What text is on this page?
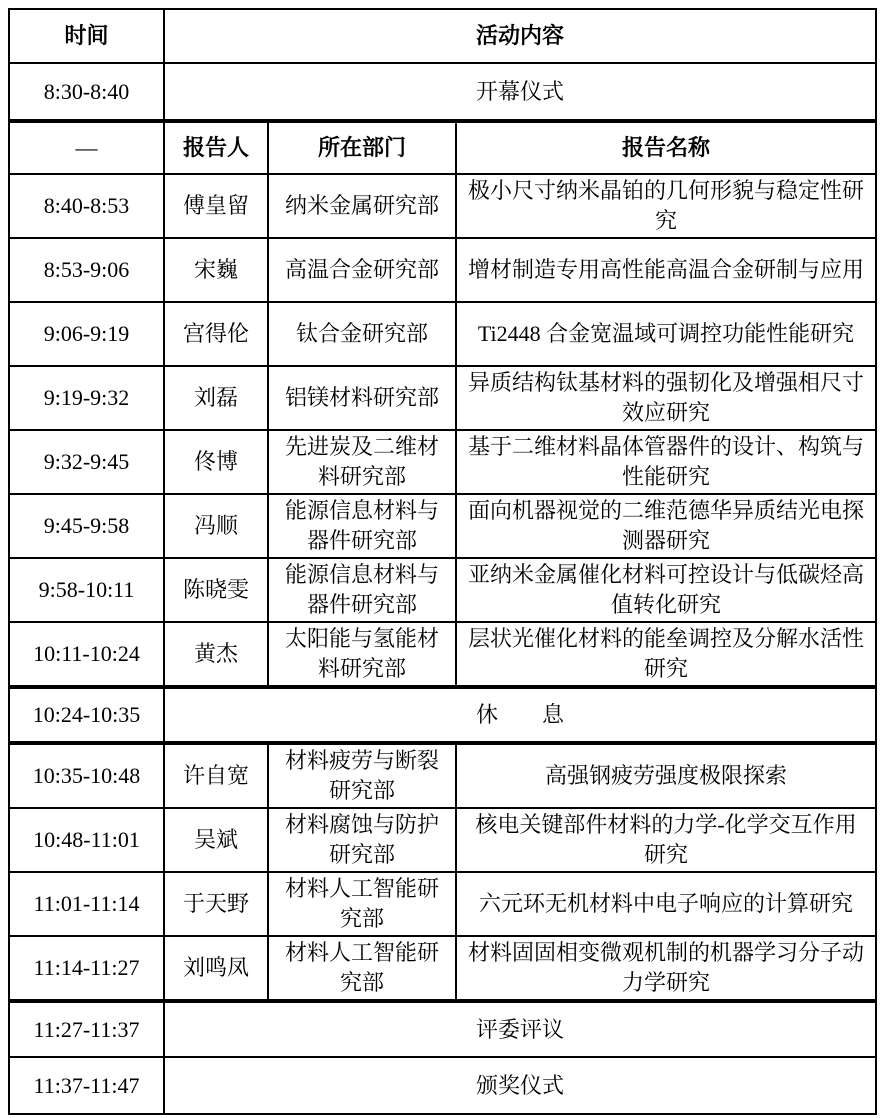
时间	活动内容		
8:30-8:40	开幕仪式		
—	报告人	所在部门	报告名称
8:40-8:53	傅皇留	纳米金属研究部	极小尺寸纳米晶铂的几何形貌与稳定性研究
8:53-9:06	宋巍	高温合金研究部	增材制造专用高性能高温合金研制与应用
9:06-9:19	宫得伦	钛合金研究部	Ti2448 合金宽温域可调控功能性能研究
9:19-9:32	刘磊	铝镁材料研究部	异质结构钛基材料的强韧化及增强相尺寸效应研究
9:32-9:45	佟博	先进炭及二维材料研究部	基于二维材料晶体管器件的设计、构筑与性能研究
9:45-9:58	冯顺	能源信息材料与器件研究部	面向机器视觉的二维范德华异质结光电探测器研究
9:58-10:11	陈晓雯	能源信息材料与器件研究部	亚纳米金属催化材料可控设计与低碳烃高值转化研究
10:11-10:24	黄杰	太阳能与氢能材料研究部	层状光催化材料的能垒调控及分解水活性研究
10:24-10:35	休　　息		
10:35-10:48	许自宽	材料疲劳与断裂研究部	高强钢疲劳强度极限探索
10:48-11:01	吴斌	材料腐蚀与防护研究部	核电关键部件材料的力学-化学交互作用研究
11:01-11:14	于天野	材料人工智能研究部	六元环无机材料中电子响应的计算研究
11:14-11:27	刘鸣凤	材料人工智能研究部	材料固固相变微观机制的机器学习分子动力学研究
11:27-11:37	评委评议		
11:37-11:47	颁奖仪式		
